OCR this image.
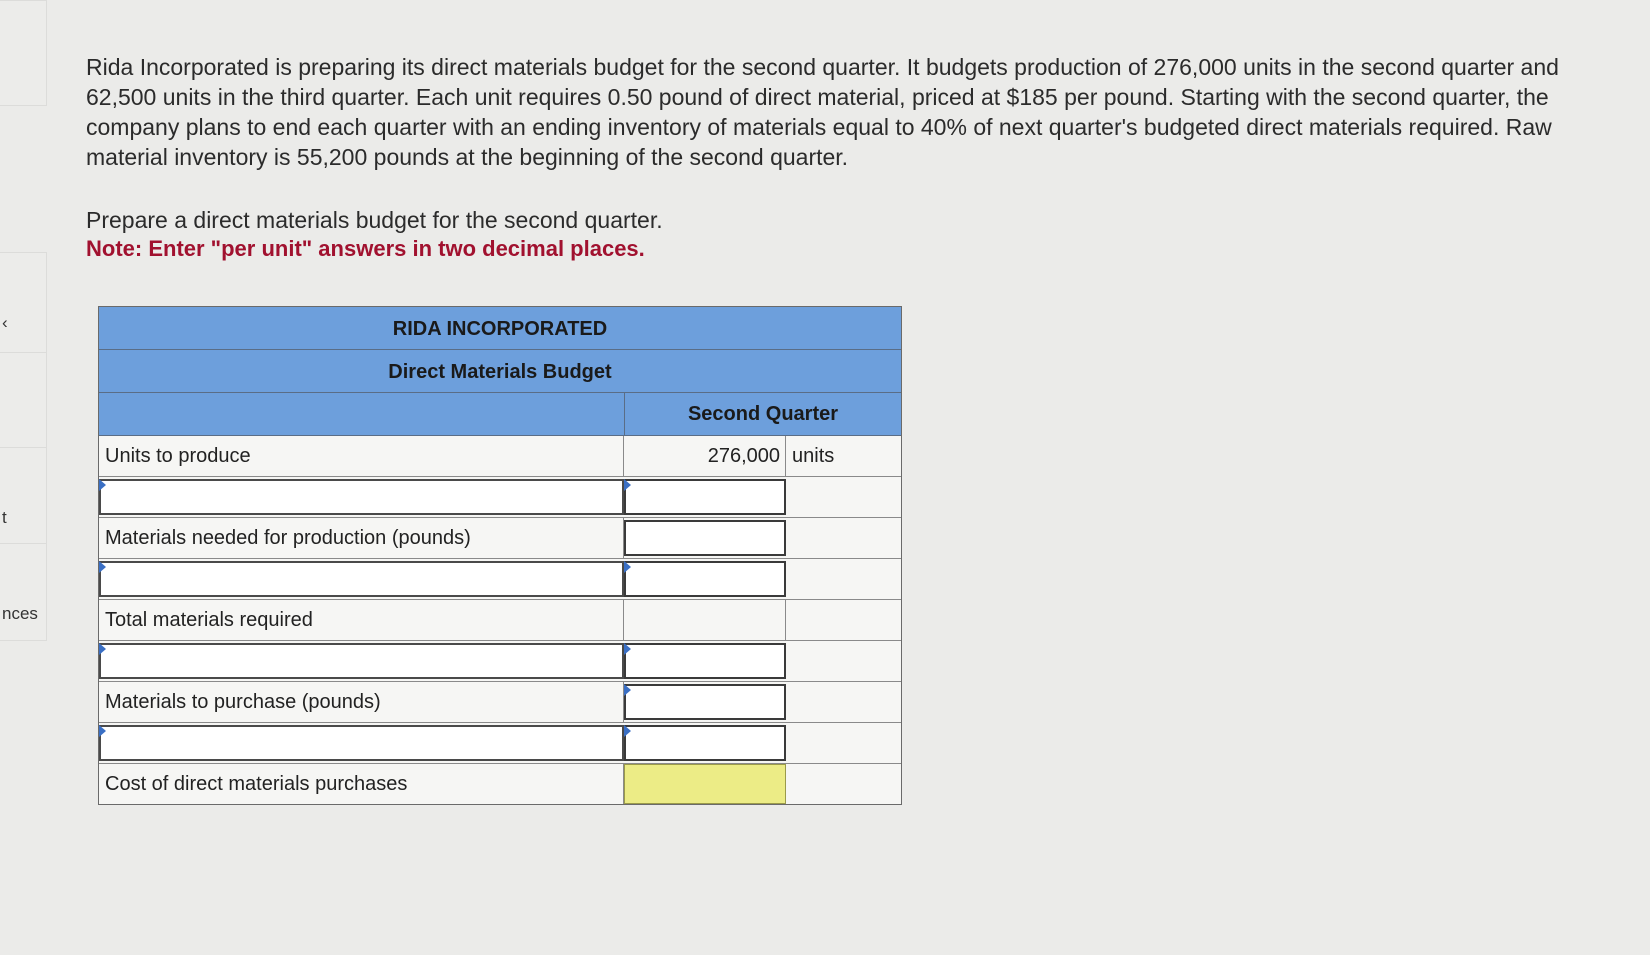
‹
t
nces

Rida Incorporated is preparing its direct materials budget for the second quarter. It budgets production of 276,000 units in the second quarter and 62,500 units in the third quarter. Each unit requires 0.50 pound of direct material, priced at $185 per pound. Starting with the second quarter, the company plans to end each quarter with an ending inventory of materials equal to 40% of next quarter's budgeted direct materials required. Raw material inventory is 55,200 pounds at the beginning of the second quarter.

Prepare a direct materials budget for the second quarter.

Note: Enter "per unit" answers in two decimal places.

RIDA INCORPORATED
Direct Materials Budget
Second Quarter
Units to produce	276,000 units
Materials needed for production (pounds)
Total materials required
Materials to purchase (pounds)
Cost of direct materials purchases
